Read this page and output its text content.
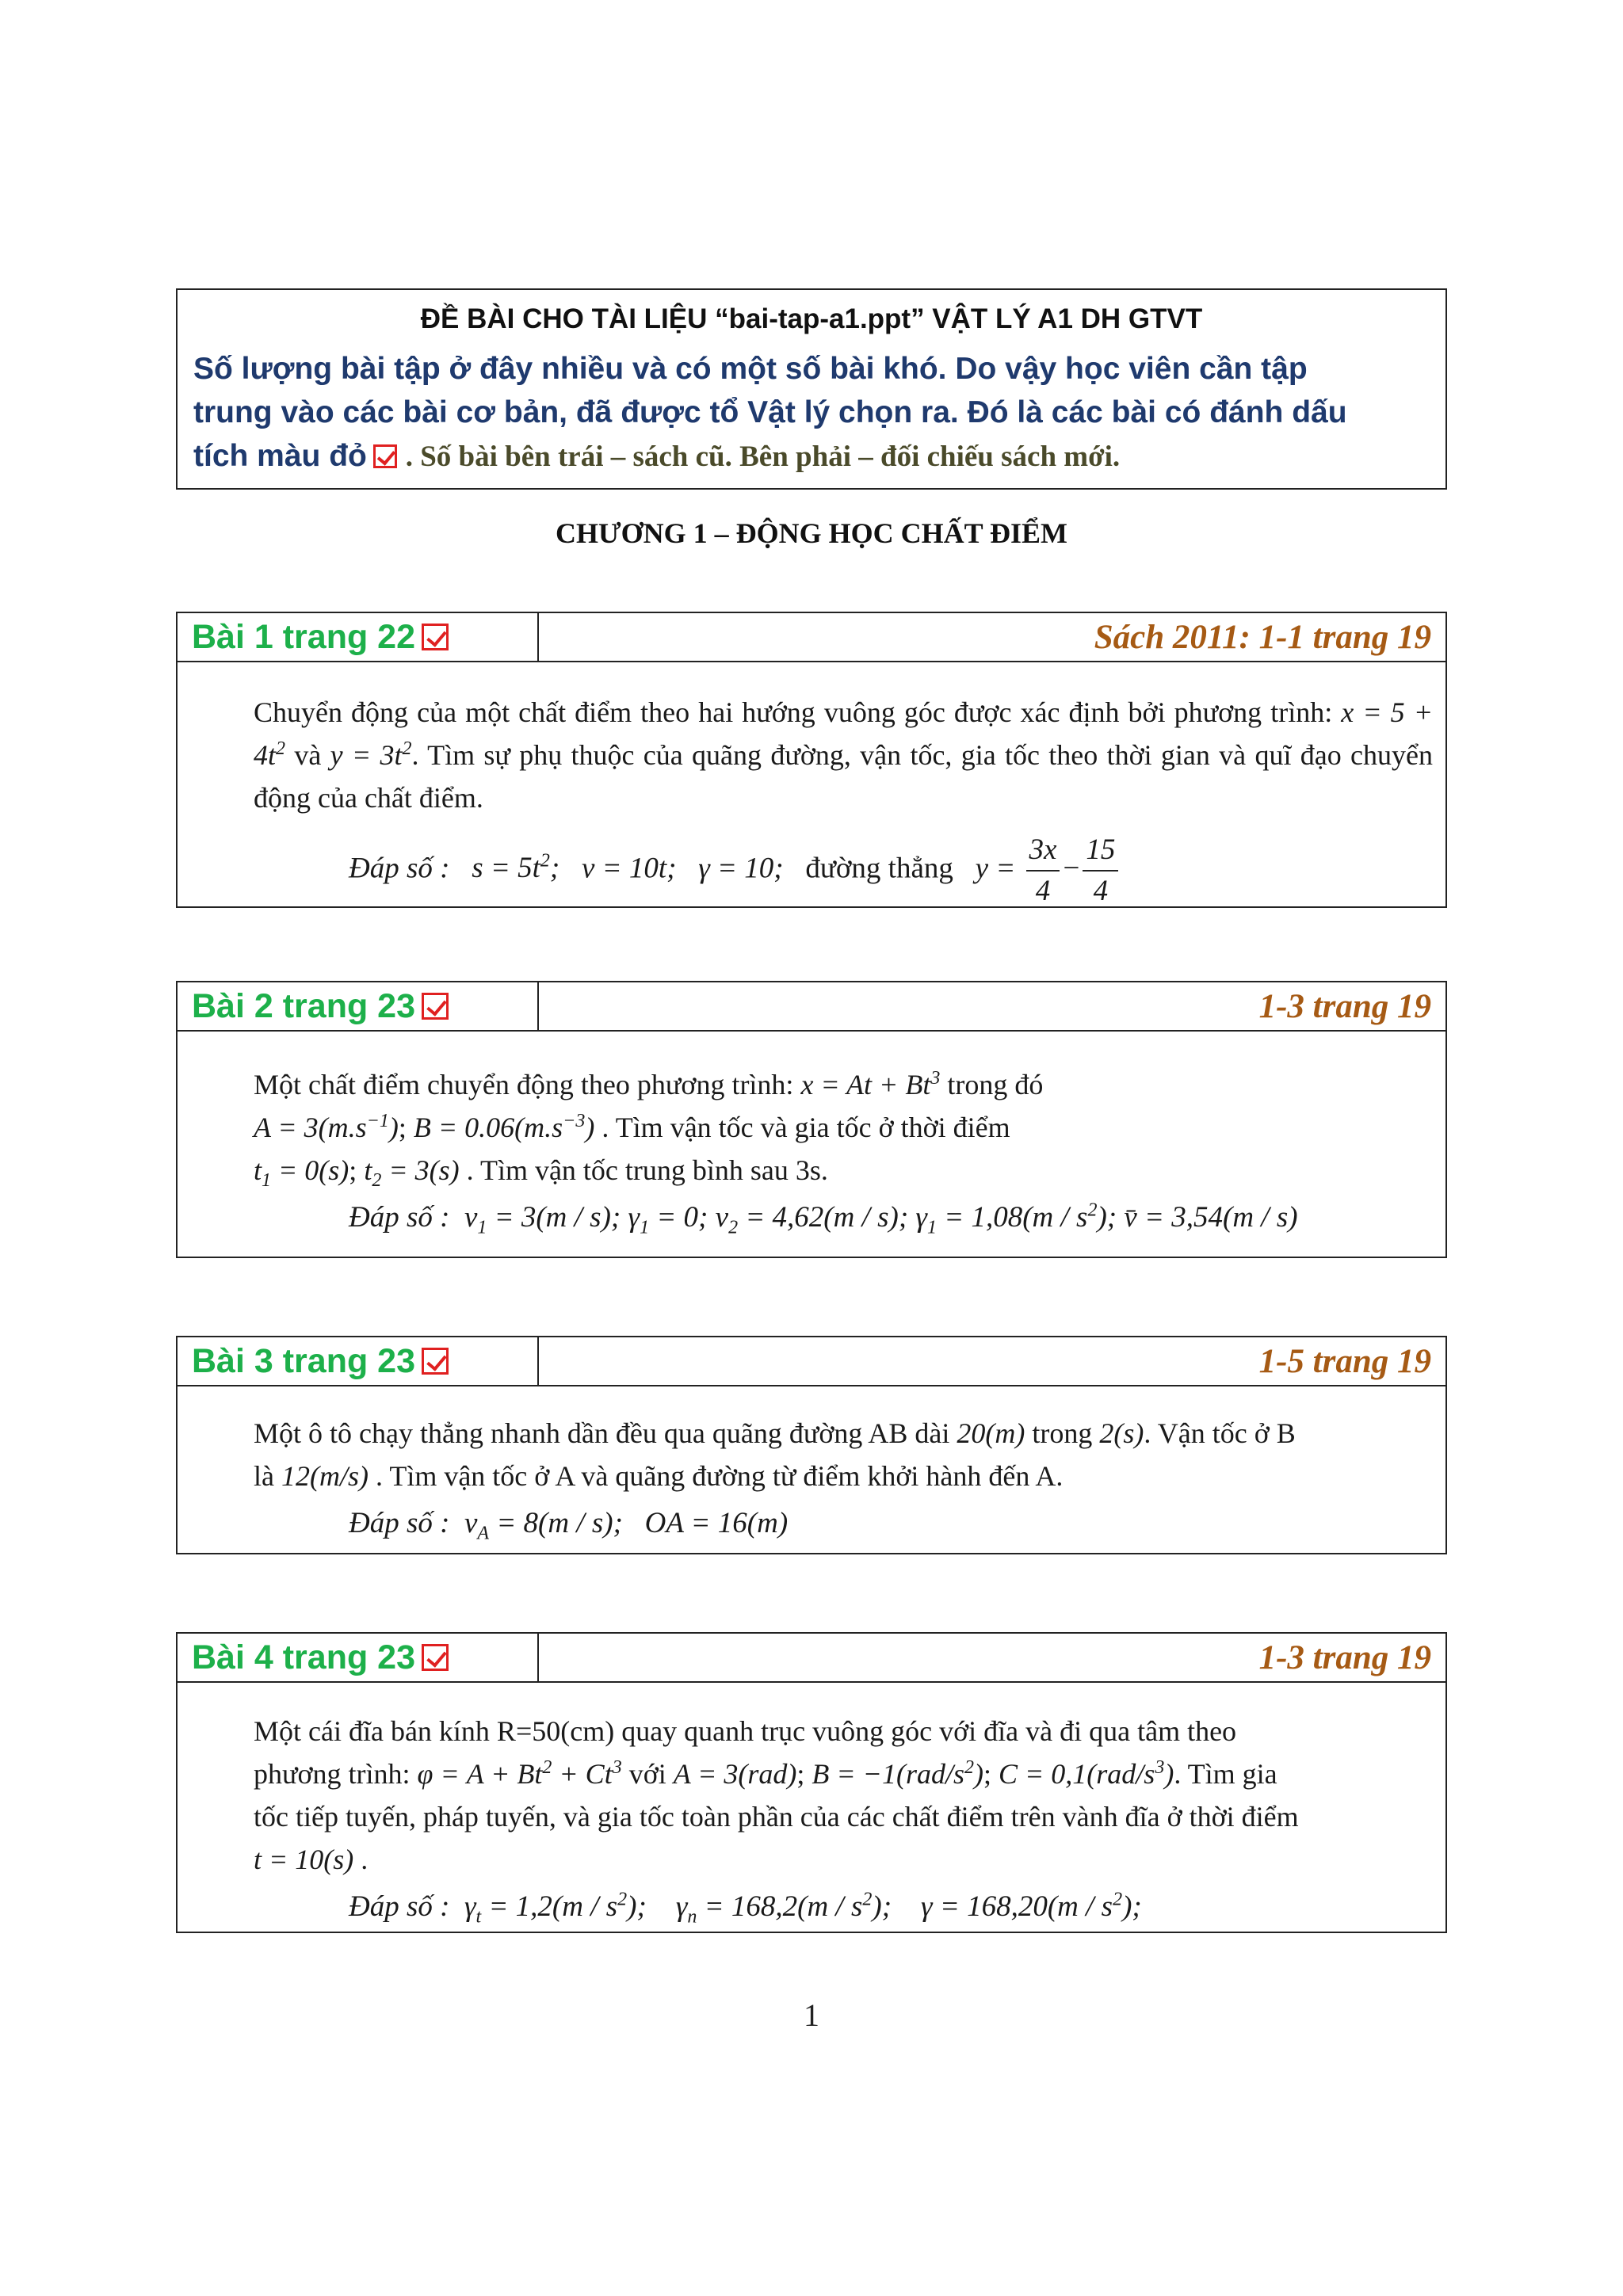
ĐỀ BÀI CHO TÀI LIỆU “bai-tap-a1.ppt” VẬT LÝ A1 DH GTVT
Số lượng bài tập ở đây nhiều và có một số bài khó. Do vậy học viên cần tập
trung vào các bài cơ bản, đã được tổ Vật lý chọn ra. Đó là các bài có đánh dấu
tích màu đỏ . Số bài bên trái – sách cũ. Bên phải – đối chiếu sách mới.
CHƯƠNG 1 – ĐỘNG HỌC CHẤT ĐIỂM
Bài 1 trang 22	Sách 2011: 1-1 trang 19

Chuyển động của một chất điểm theo hai hướng vuông góc được xác định bởi phương trình: $x = 5 + 4t^2$ và $y = 3t^2$. Tìm sự phụ thuộc của quãng đường, vận tốc, gia tốc theo thời gian và quĩ đạo chuyển động của chất điểm.

Đáp số : $s = 5t^2$; v = 10t; γ = 10; đường thẳng $y = \frac{3x}{4} - \frac{15}{4}$
Bài 2 trang 23	1-3 trang 19

Một chất điểm chuyển động theo phương trình: $x = At + Bt^3$ trong đó
$A = 3(m.s^{-1})$; $B = 0.06(m.s^{-3})$ . Tìm vận tốc và gia tốc ở thời điểm
$t_1 = 0(s)$; $t_2 = 3(s)$ . Tìm vận tốc trung bình sau 3s.

Đáp số : $v_1 = 3(m / s)$; $\gamma_1 = 0$; $v_2 = 4,62(m / s)$; $\gamma_1 = 1,08(m / s^2)$; v̄ = 3,54(m / s)
Bài 3 trang 23	1-5 trang 19

Một ô tô chạy thẳng nhanh dần đều qua quãng đường AB dài 20(m) trong 2(s). Vận tốc ở B
là 12(m/s) . Tìm vận tốc ở A và quãng đường từ điểm khởi hành đến A.

Đáp số : $v_A = 8(m / s)$; OA = 16(m)
Bài 4 trang 23	1-3 trang 19

Một cái đĩa bán kính R=50(cm) quay quanh trục vuông góc với đĩa và đi qua tâm theo
phương trình: $\varphi = A + Bt^2 + Ct^3$ với A = 3(rad); $B = -1(rad/s^2)$; $C = 0,1(rad/s^3)$. Tìm gia
tốc tiếp tuyến, pháp tuyến, và gia tốc toàn phần của các chất điểm trên vành đĩa ở thời điểm
t = 10(s) .

Đáp số : $\gamma_t = 1,2(m / s^2)$; $\gamma_n = 168,2(m / s^2)$; $\gamma = 168,20(m / s^2)$;
1
